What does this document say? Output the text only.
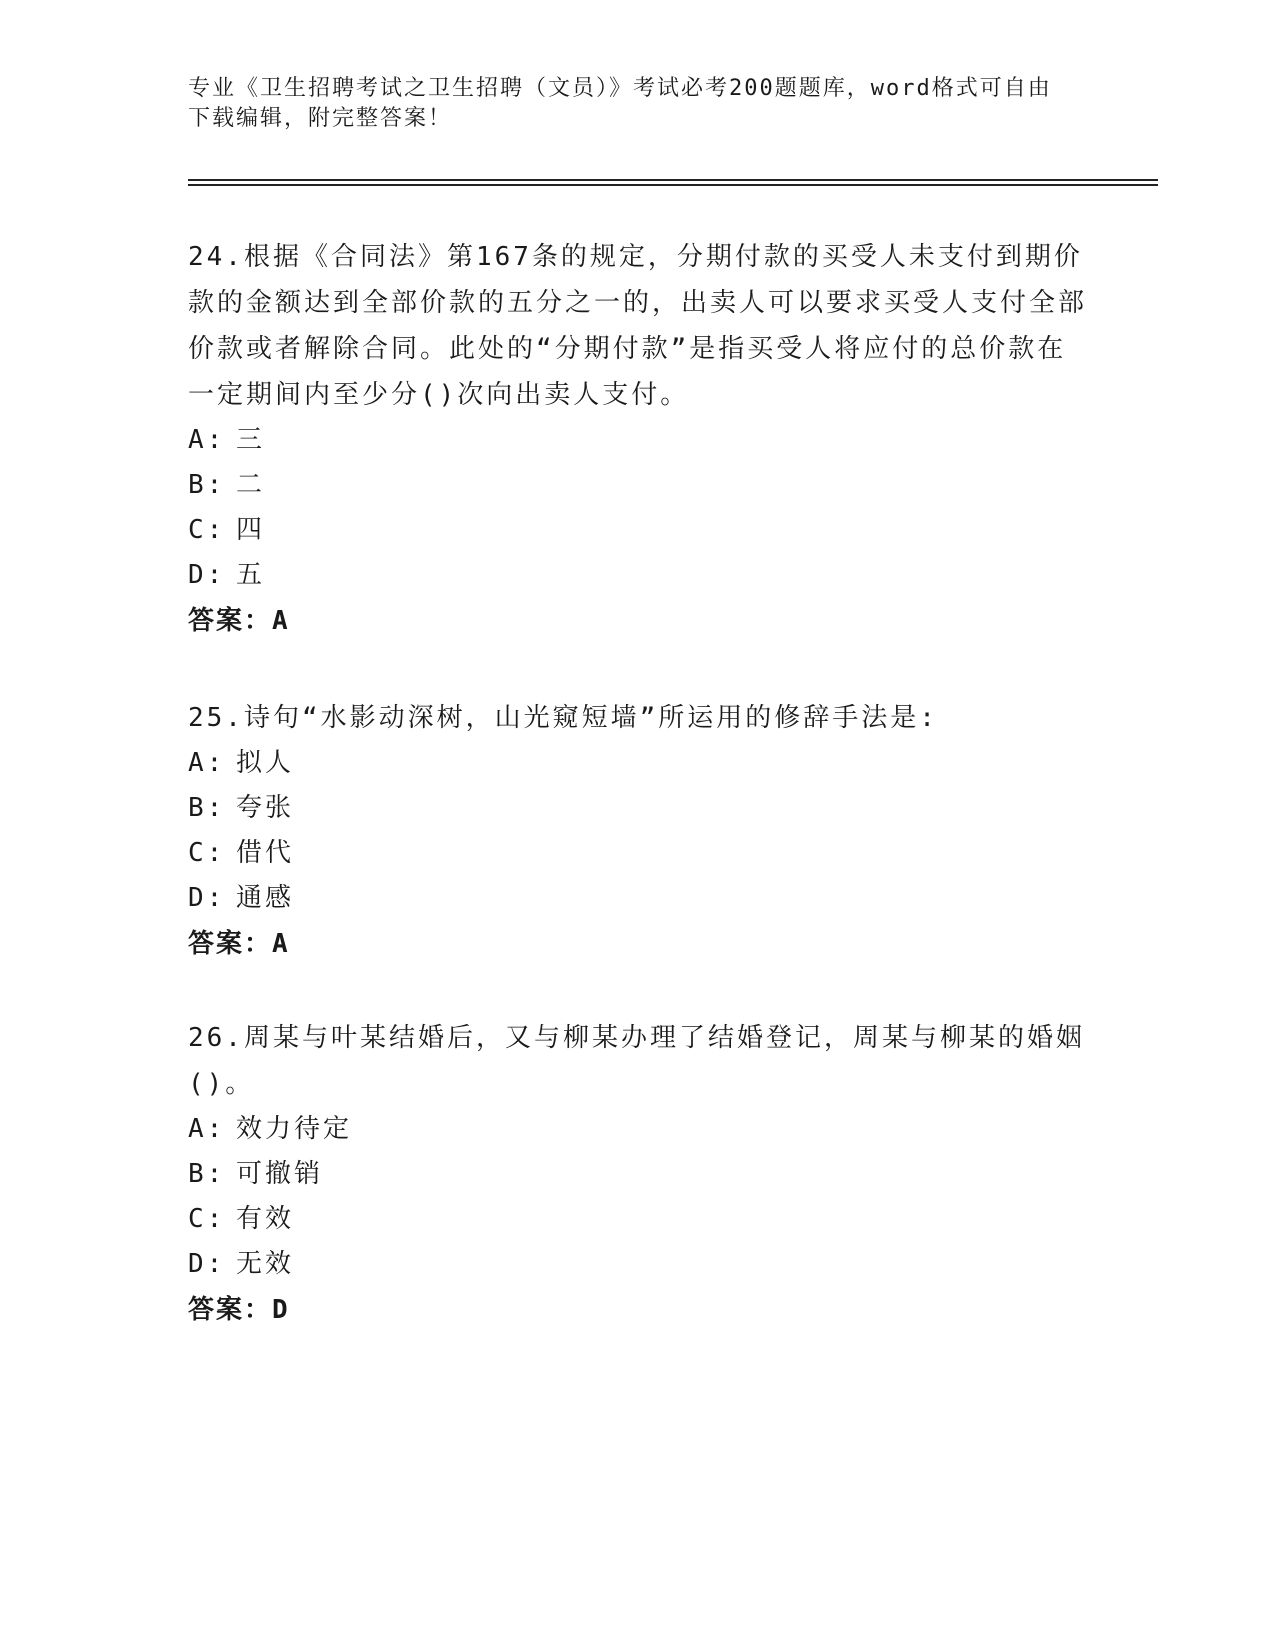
专业《卫生招聘考试之卫生招聘（文员）》考试必考200题题库，word格式可自由下载编辑，附完整答案！

24.根据《合同法》第167条的规定，分期付款的买受人未支付到期价款的金额达到全部价款的五分之一的，出卖人可以要求买受人支付全部价款或者解除合同。此处的“分期付款”是指买受人将应付的总价款在一定期间内至少分()次向出卖人支付。

A: 三

B: 二

C: 四

D: 五

答案：A

25.诗句“水影动深树，山光窥短墙”所运用的修辞手法是:

A: 拟人

B: 夸张

C: 借代

D: 通感

答案：A

26.周某与叶某结婚后，又与柳某办理了结婚登记，周某与柳某的婚姻()。

A: 效力待定

B: 可撤销

C: 有效

D: 无效

答案：D
